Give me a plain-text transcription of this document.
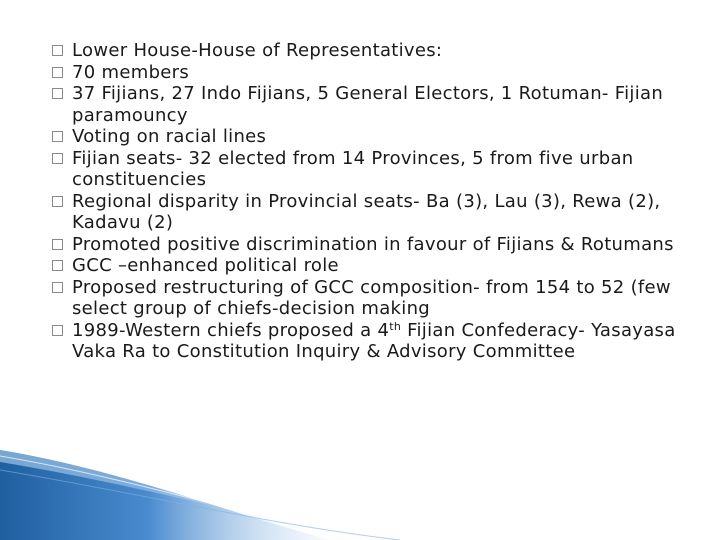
Lower House-House of Representatives:
70 members
37 Fijians, 27 Indo Fijians, 5 General Electors, 1 Rotuman- Fijian paramouncy
Voting on racial lines
Fijian seats- 32 elected from 14 Provinces, 5 from five urban constituencies
Regional disparity in Provincial seats- Ba (3), Lau (3), Rewa (2), Kadavu (2)
Promoted positive discrimination in favour of Fijians & Rotumans
GCC –enhanced political role
Proposed restructuring of GCC composition- from 154 to 52 (few select group of chiefs-decision making
1989-Western chiefs proposed a 4th Fijian Confederacy- Yasayasa Vaka Ra to Constitution Inquiry & Advisory Committee
